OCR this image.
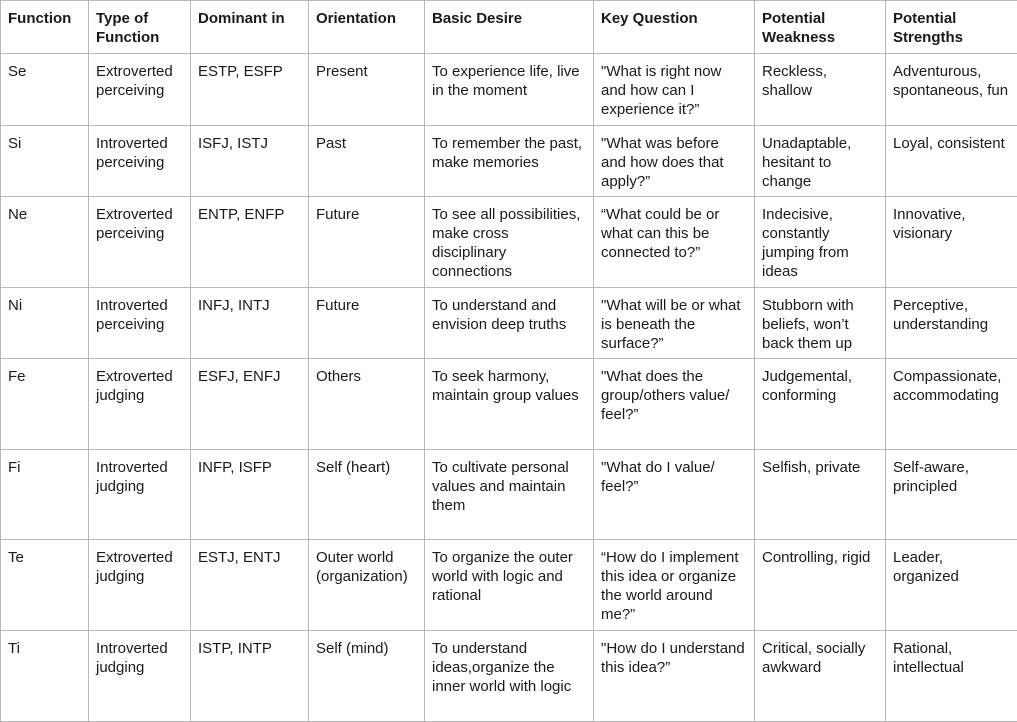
Function	Type of Function	Dominant in	Orientation	Basic Desire	Key Question	Potential Weakness	Potential Strengths
Se	Extroverted perceiving	ESTP, ESFP	Present	To experience life, live in the moment	"What is right now and how can I experience it?”	Reckless, shallow	Adventurous, spontaneous, fun
Si	Introverted perceiving	ISFJ, ISTJ	Past	To remember the past, make memories	"What was before and how does that apply?”	Unadaptable, hesitant to change	Loyal, consistent
Ne	Extroverted perceiving	ENTP, ENFP	Future	To see all possibilities, make cross disciplinary connections	“What could be or what can this be connected to?”	Indecisive, constantly jumping from ideas	Innovative, visionary
Ni	Introverted perceiving	INFJ, INTJ	Future	To understand and envision deep truths	"What will be or what is beneath the surface?”	Stubborn with beliefs, won’t back them up	Perceptive, understanding
Fe	Extroverted judging	ESFJ, ENFJ	Others	To seek harmony, maintain group values	"What does the group/others value/ feel?”	Judgemental, conforming	Compassionate, accommodating
Fi	Introverted judging	INFP, ISFP	Self (heart)	To cultivate personal values and maintain them	"What do I value/ feel?”	Selfish, private	Self-aware, principled
Te	Extroverted judging	ESTJ, ENTJ	Outer world (organization)	To organize the outer world with logic and rational	“How do I implement this idea or organize the world around me?”	Controlling, rigid	Leader, organized
Ti	Introverted judging	ISTP, INTP	Self (mind)	To understand ideas,organize the inner world with logic	"How do I understand this idea?”	Critical, socially awkward	Rational, intellectual
